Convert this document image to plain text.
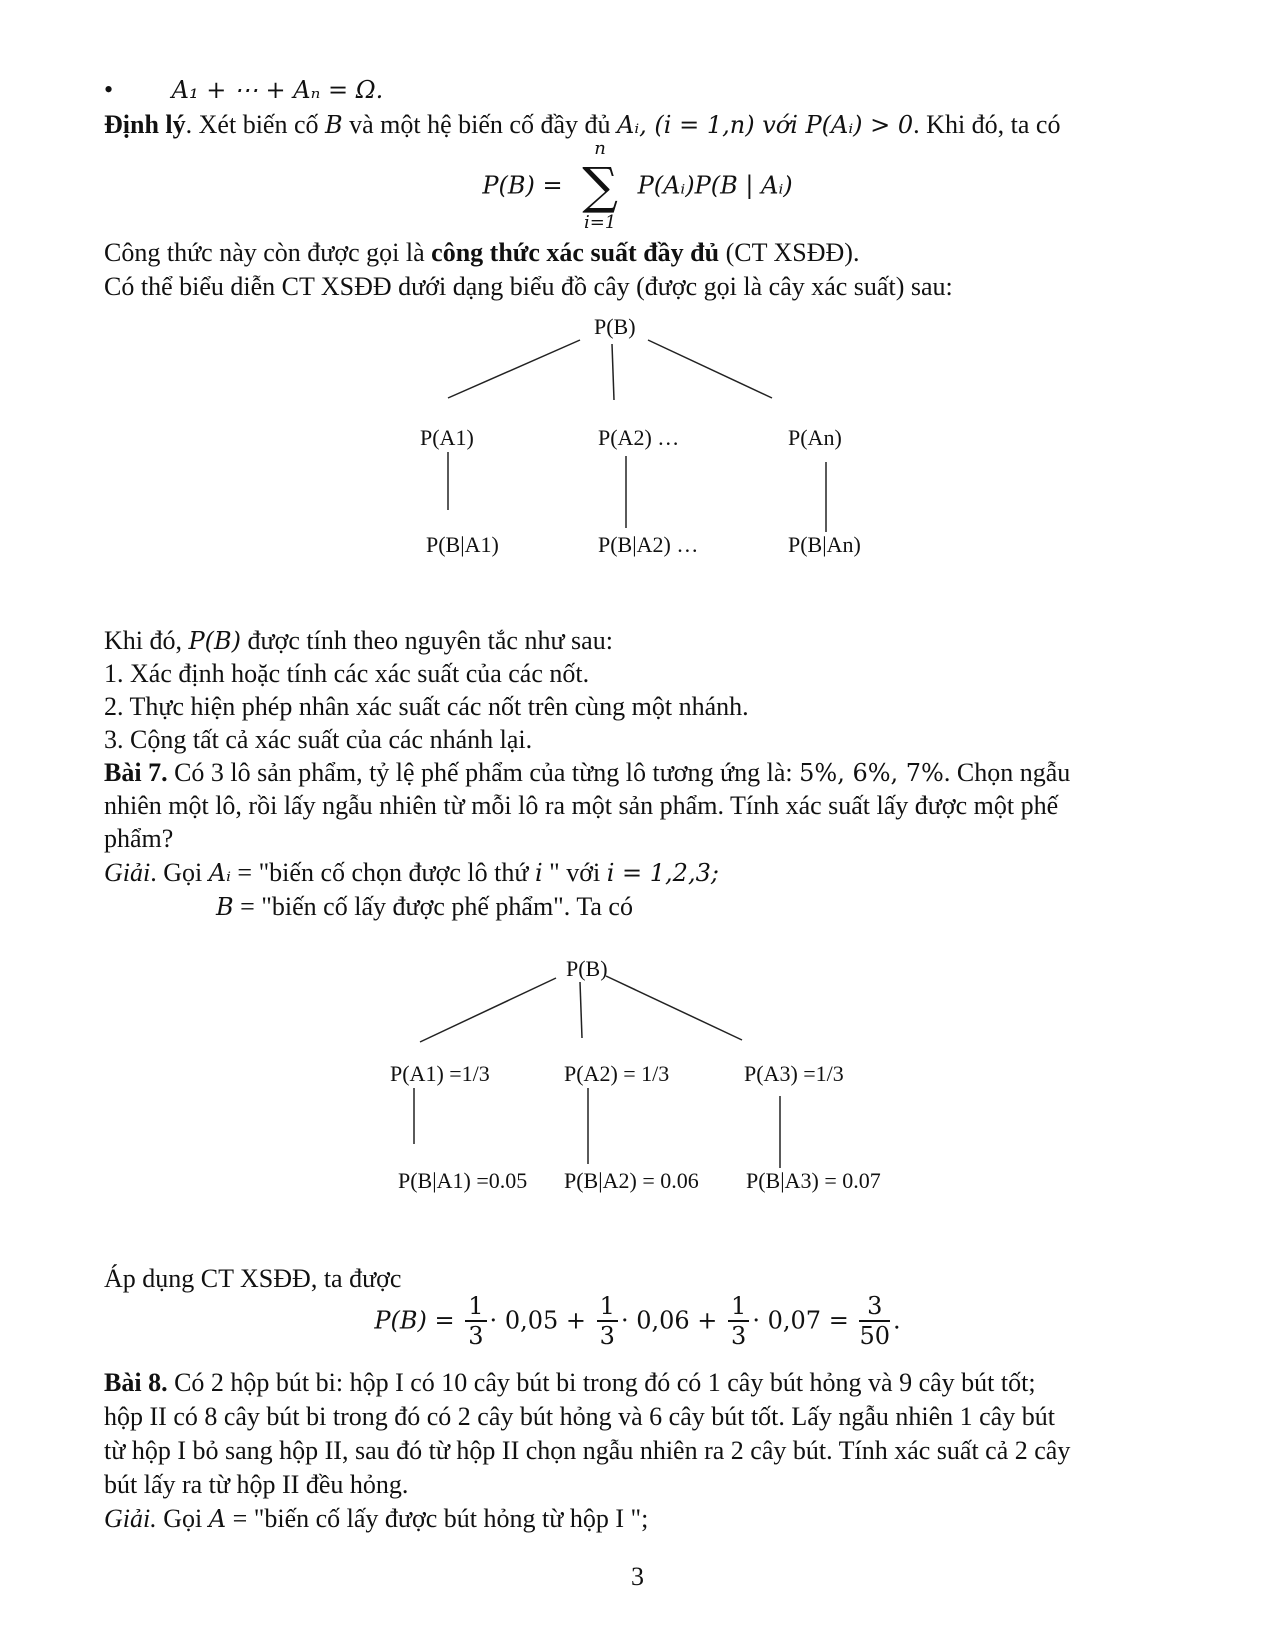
• A₁ + ⋯ + Aₙ = Ω.
Định lý. Xét biến cố B và một hệ biến cố đầy đủ Aᵢ, (i = 1,n) với P(Aᵢ) > 0. Khi đó, ta có
P(B) =
n
∑
i=1
P(Aᵢ)P(B | Aᵢ)
Công thức này còn được gọi là công thức xác suất đầy đủ (CT XSĐĐ).
Có thể biểu diễn CT XSĐĐ dưới dạng biểu đồ cây (được gọi là cây xác suất) sau:
P(B)
P(A1)	P(A2) …	P(An)
P(B|A1)	P(B|A2) …	P(B|An)
Khi đó, P(B) được tính theo nguyên tắc như sau:
1. Xác định hoặc tính các xác suất của các nốt.
2. Thực hiện phép nhân xác suất các nốt trên cùng một nhánh.
3. Cộng tất cả xác suất của các nhánh lại.
Bài 7. Có 3 lô sản phẩm, tỷ lệ phế phẩm của từng lô tương ứng là: 5%, 6%, 7%. Chọn ngẫu
nhiên một lô, rồi lấy ngẫu nhiên từ mỗi lô ra một sản phẩm. Tính xác suất lấy được một phế
phẩm?
Giải. Gọi Aᵢ = "biến cố chọn được lô thứ i " với i = 1,2,3;
B = "biến cố lấy được phế phẩm". Ta có
P(B)
P(A1) =1/3	P(A2) = 1/3	P(A3) =1/3
P(B|A1) =0.05 P(B|A2) = 0.06 P(B|A3) = 0.07
Áp dụng CT XSĐĐ, ta được
$P(B) = \frac{1}{3} \cdot 0,05 + \frac{1}{3} \cdot 0,06 + \frac{1}{3} \cdot 0,07 = \frac{3}{50}$ .
Bài 8. Có 2 hộp bút bi: hộp I có 10 cây bút bi trong đó có 1 cây bút hỏng và 9 cây bút tốt;
hộp II có 8 cây bút bi trong đó có 2 cây bút hỏng và 6 cây bút tốt. Lấy ngẫu nhiên 1 cây bút
từ hộp I bỏ sang hộp II, sau đó từ hộp II chọn ngẫu nhiên ra 2 cây bút. Tính xác suất cả 2 cây
bút lấy ra từ hộp II đều hỏng.
Giải. Gọi A = "biến cố lấy được bút hỏng từ hộp I ";
3
